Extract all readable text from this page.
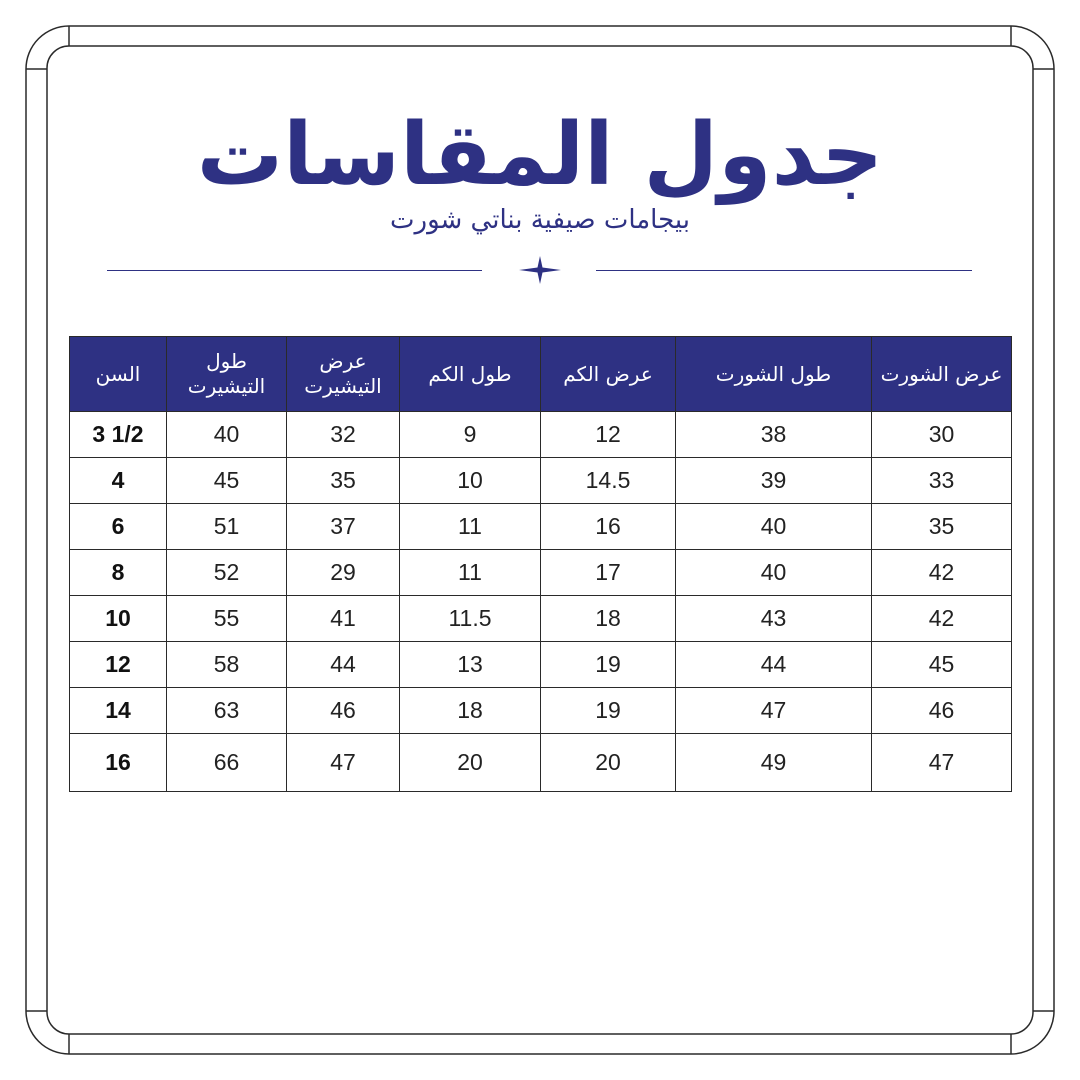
جدول المقاسات
بيجامات صيفية بناتي شورت
السن	طول التيشيرت	عرض التيشيرت	طول الكم	عرض الكم	طول الشورت	عرض الشورت
3 1/2	40	32	9	12	38	30
4	45	35	10	14.5	39	33
6	51	37	11	16	40	35
8	52	29	11	17	40	42
10	55	41	11.5	18	43	42
12	58	44	13	19	44	45
14	63	46	18	19	47	46
16	66	47	20	20	49	47
